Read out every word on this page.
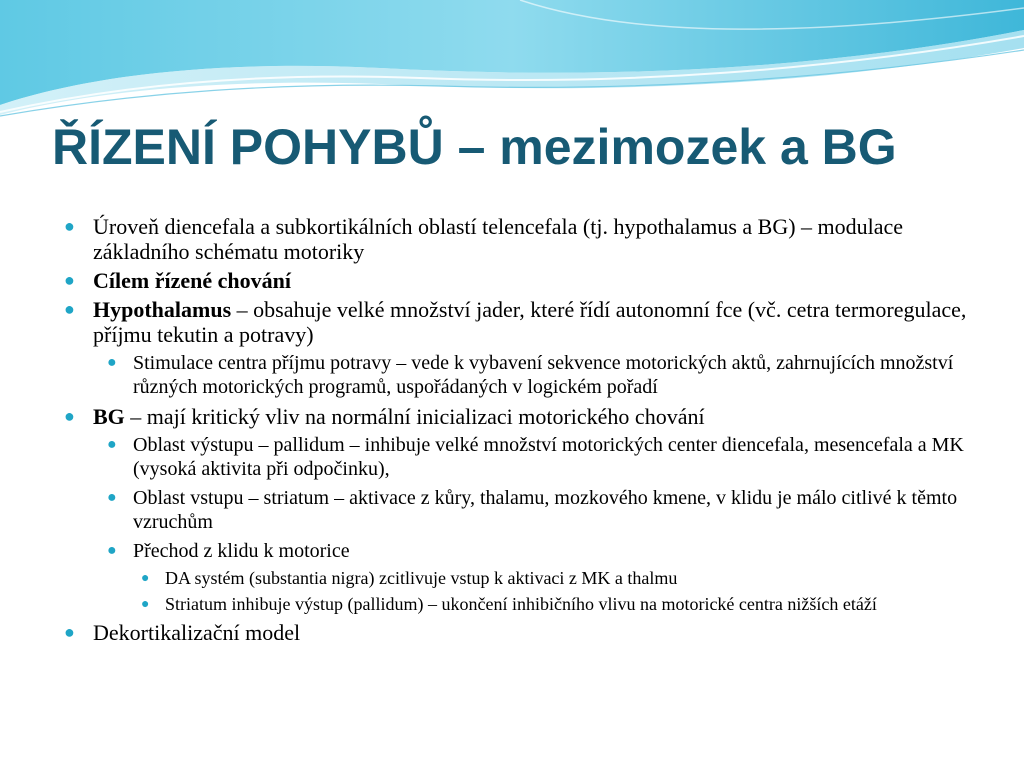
ŘÍZENÍ POHYBŮ – mezimozek a BG
● Úroveň diencefala a subkortikálních oblastí telencefala (tj. hypothalamus a BG) – modulace základního schématu motoriky
● Cílem řízené chování
● Hypothalamus – obsahuje velké množství jader, které řídí autonomní fce (vč. cetra termoregulace, příjmu tekutin a potravy)
● Stimulace centra příjmu potravy – vede k vybavení sekvence motorických aktů, zahrnujících množství různých motorických programů, uspořádaných v logickém pořadí
● BG – mají kritický vliv na normální inicializaci motorického chování
● Oblast výstupu – pallidum – inhibuje velké množství motorických center diencefala, mesencefala a MK (vysoká aktivita při odpočinku),
● Oblast vstupu – striatum – aktivace z kůry, thalamu, mozkového kmene, v klidu je málo citlivé k těmto vzruchům
● Přechod z klidu k motorice
● DA systém (substantia nigra) zcitlivuje vstup k aktivaci z MK a thalmu
● Striatum inhibuje výstup (pallidum) – ukončení inhibičního vlivu na motorické centra nižších etáží
● Dekortikalizační model
